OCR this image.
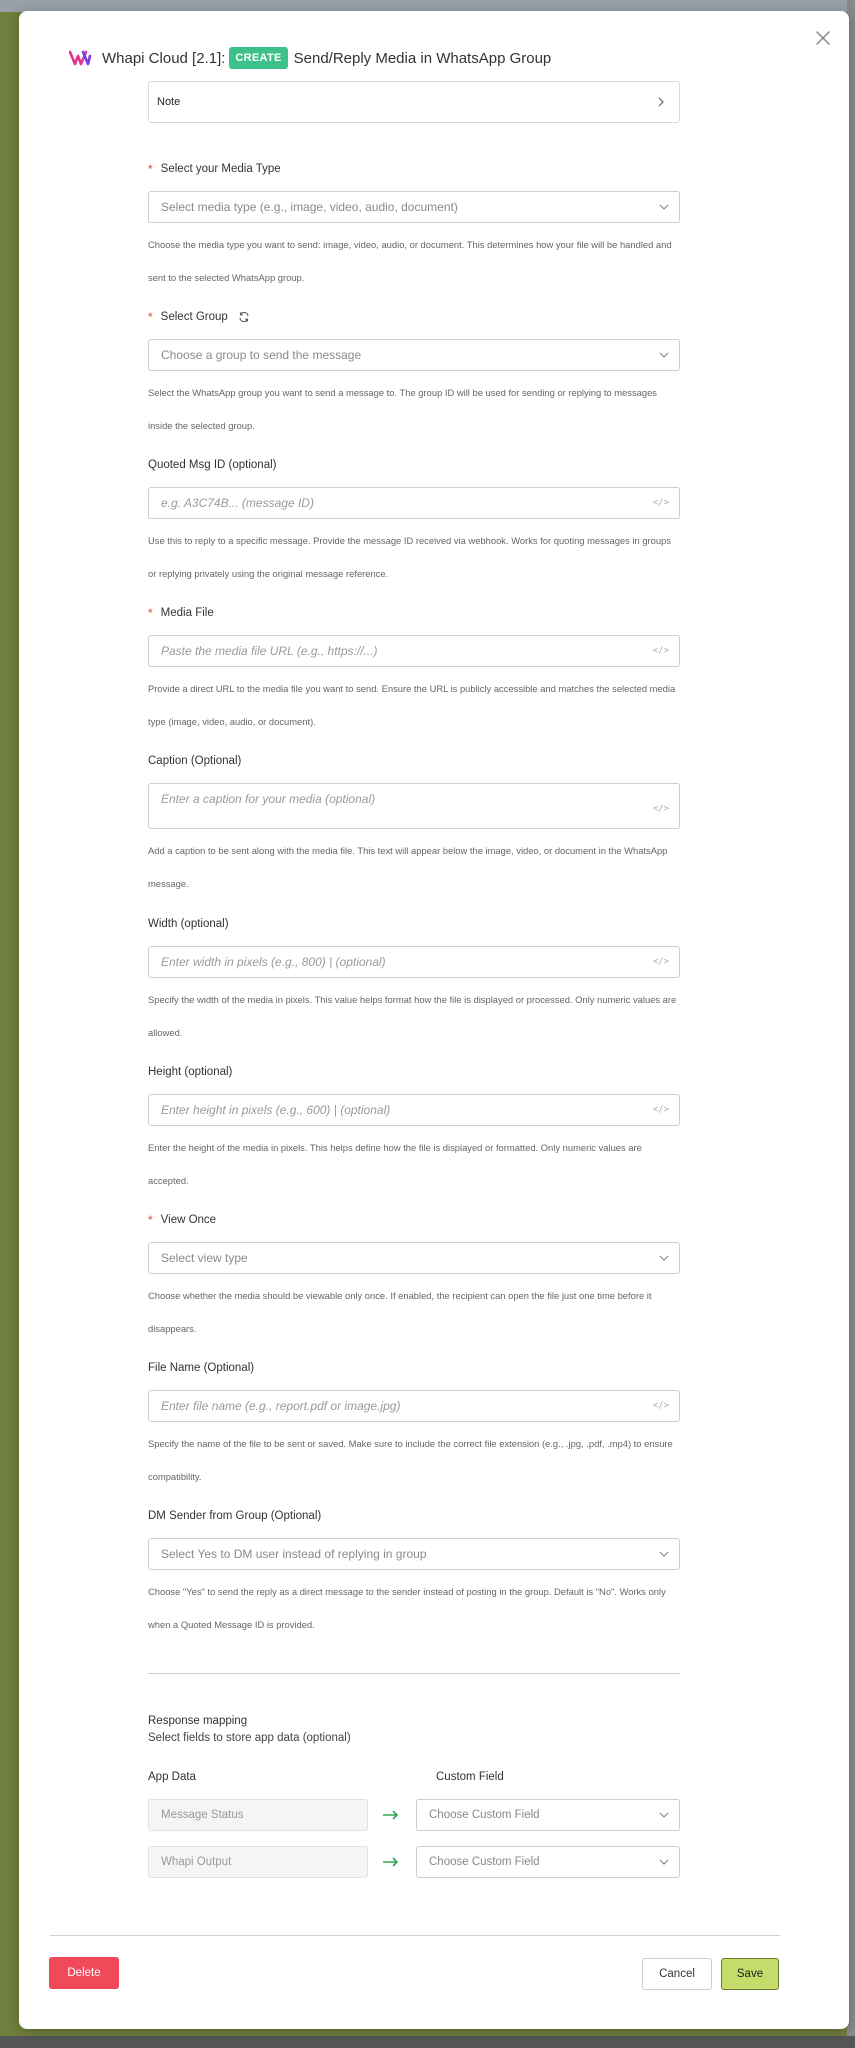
Whapi Cloud [2.1]: CREATE Send/Reply Media in WhatsApp Group
Note
* Select your Media Type
Select media type (e.g., image, video, audio, document)
Choose the media type you want to send: image, video, audio, or document. This determines how your file will be handled and sent to the selected WhatsApp group.
* Select Group
Choose a group to send the message
Select the WhatsApp group you want to send a message to. The group ID will be used for sending or replying to messages inside the selected group.
Quoted Msg ID (optional)
e.g. A3C74B... (message ID)	</>
Use this to reply to a specific message. Provide the message ID received via webhook. Works for quoting messages in groups or replying privately using the original message reference.
* Media File
Paste the media file URL (e.g., https://...)	</>
Provide a direct URL to the media file you want to send. Ensure the URL is publicly accessible and matches the selected media type (image, video, audio, or document).
Caption (Optional)
Enter a caption for your media (optional)
</>
Add a caption to be sent along with the media file. This text will appear below the image, video, or document in the WhatsApp message.
Width (optional)
Enter width in pixels (e.g., 800) | (optional)	</>
Specify the width of the media in pixels. This value helps format how the file is displayed or processed. Only numeric values are allowed.
Height (optional)
Enter height in pixels (e.g., 600) | (optional)	</>
Enter the height of the media in pixels. This helps define how the file is displayed or formatted. Only numeric values are accepted.
* View Once
Select view type
Choose whether the media should be viewable only once. If enabled, the recipient can open the file just one time before it disappears.
File Name (Optional)
Enter file name (e.g., report.pdf or image.jpg)	</>
Specify the name of the file to be sent or saved. Make sure to include the correct file extension (e.g., .jpg, .pdf, .mp4) to ensure compatibility.
DM Sender from Group (Optional)
Select Yes to DM user instead of replying in group
Choose "Yes" to send the reply as a direct message to the sender instead of posting in the group. Default is "No". Works only when a Quoted Message ID is provided.
Response mapping
Select fields to store app data (optional)
App Data	Custom Field
Message Status	Choose Custom Field
Whapi Output	Choose Custom Field
Delete	Cancel	Save
